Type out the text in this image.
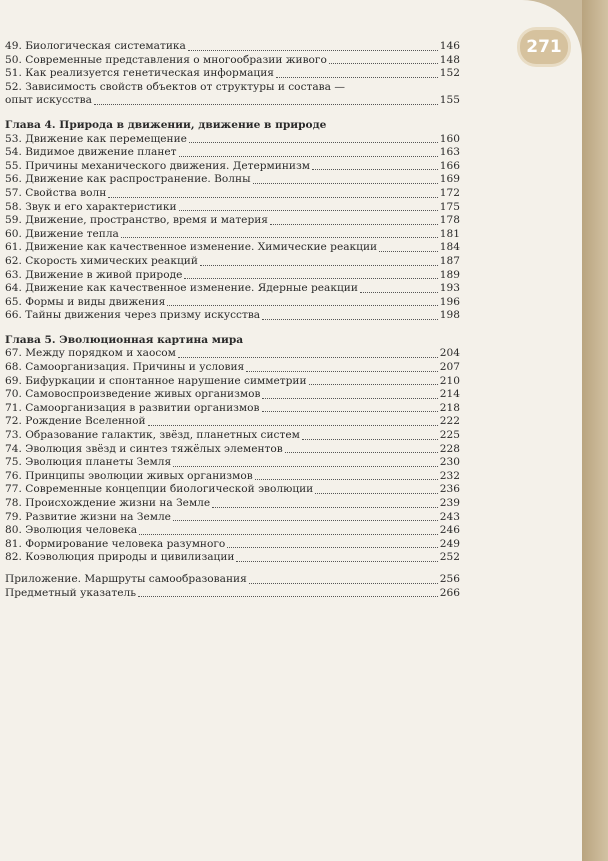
271
49. Биологическая систематика	146
50. Современные представления о многообразии живого	148
51. Как реализуется генетическая информация	152
52. Зависимость свойств объектов от структуры и состава —
опыт искусства	155
Глава 4. Природа в движении, движение в природе
53. Движение как перемещение	160
54. Видимое движение планет	163
55. Причины механического движения. Детерминизм	166
56. Движение как распространение. Волны	169
57. Свойства волн	172
58. Звук и его характеристики	175
59. Движение, пространство, время и материя	178
60. Движение тепла	181
61. Движение как качественное изменение. Химические реакции	184
62. Скорость химических реакций	187
63. Движение в живой природе	189
64. Движение как качественное изменение. Ядерные реакции	193
65. Формы и виды движения	196
66. Тайны движения через призму искусства	198
Глава 5. Эволюционная картина мира
67. Между порядком и хаосом	204
68. Самоорганизация. Причины и условия	207
69. Бифуркации и спонтанное нарушение симметрии	210
70. Самовоспроизведение живых организмов	214
71. Самоорганизация в развитии организмов	218
72. Рождение Вселенной	222
73. Образование галактик, звёзд, планетных систем	225
74. Эволюция звёзд и синтез тяжёлых элементов	228
75. Эволюция планеты Земля	230
76. Принципы эволюции живых организмов	232
77. Современные концепции биологической эволюции	236
78. Происхождение жизни на Земле	239
79. Развитие жизни на Земле	243
80. Эволюция человека	246
81. Формирование человека разумного	249
82. Коэволюция природы и цивилизации	252
Приложение. Маршруты самообразования	256
Предметный указатель	266
